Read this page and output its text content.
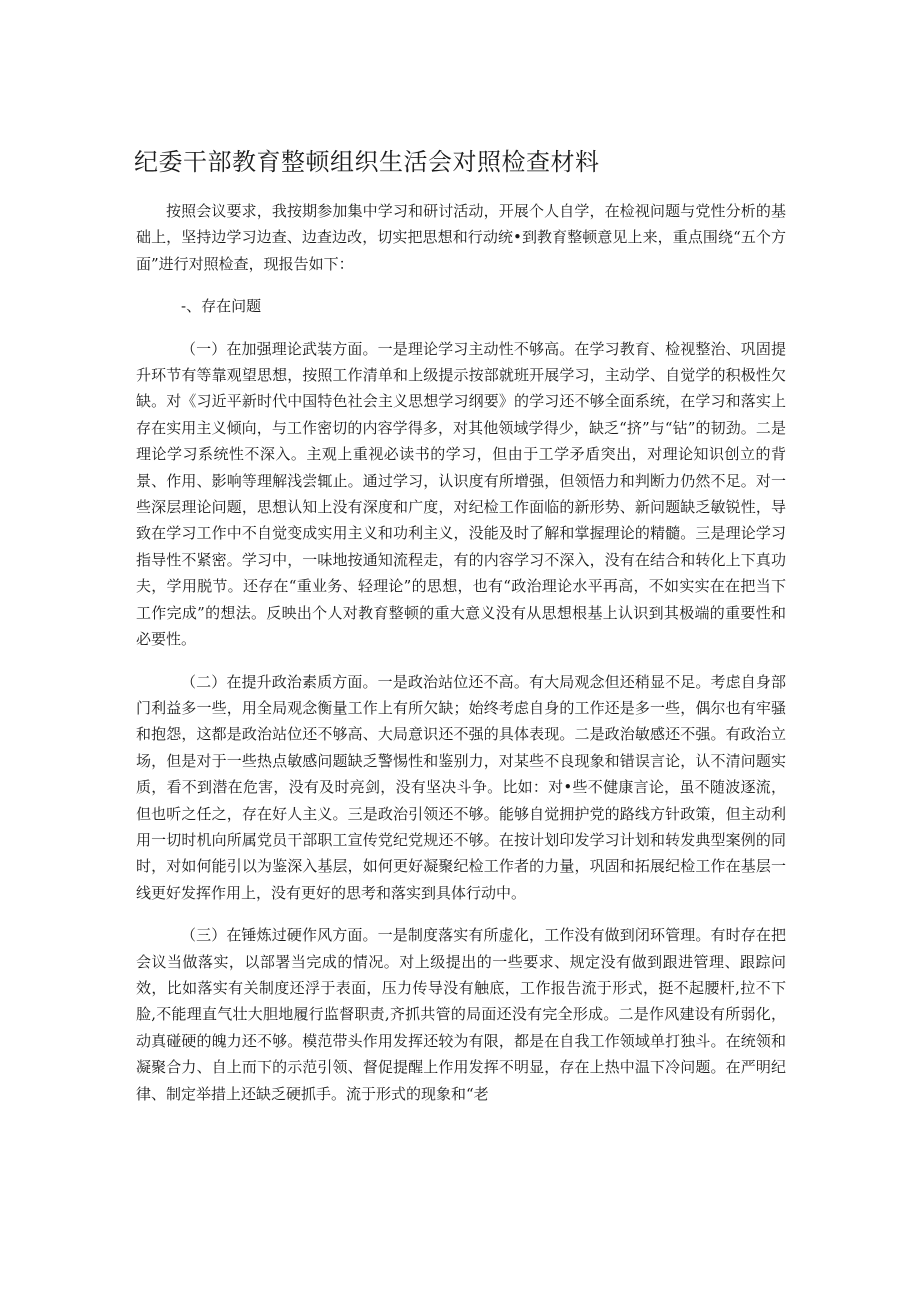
纪委干部教育整顿组织生活会对照检查材料

按照会议要求，我按期参加集中学习和研讨活动，开展个人自学，在检视问题与党性分析的基础上，坚持边学习边查、边查边改，切实把思想和行动统•到教育整顿意见上来，重点围绕“五个方面”进行对照检查，现报告如下：

-、存在问题

（一）在加强理论武装方面。一是理论学习主动性不够高。在学习教育、检视整治、巩固提升环节有等靠观望思想，按照工作清单和上级提示按部就班开展学习，主动学、自觉学的积极性欠缺。对《习近平新时代中国特色社会主义思想学习纲要》的学习还不够全面系统，在学习和落实上存在实用主义倾向，与工作密切的内容学得多，对其他领域学得少，缺乏“挤”与“钻”的韧劲。二是理论学习系统性不深入。主观上重视必读书的学习，但由于工学矛盾突出，对理论知识创立的背景、作用、影响等理解浅尝辄止。通过学习，认识度有所增强，但领悟力和判断力仍然不足。对一些深层理论问题，思想认知上没有深度和广度，对纪检工作面临的新形势、新问题缺乏敏锐性，导致在学习工作中不自觉变成实用主义和功利主义，没能及时了解和掌握理论的精髓。三是理论学习指导性不紧密。学习中，一味地按通知流程走，有的内容学习不深入，没有在结合和转化上下真功夫，学用脱节。还存在“重业务、轻理论”的思想，也有“政治理论水平再高，不如实实在在把当下工作完成”的想法。反映出个人对教育整顿的重大意义没有从思想根基上认识到其极端的重要性和必要性。

（二）在提升政治素质方面。一是政治站位还不高。有大局观念但还稍显不足。考虑自身部门利益多一些，用全局观念衡量工作上有所欠缺；始终考虑自身的工作还是多一些，偶尔也有牢骚和抱怨，这都是政治站位还不够高、大局意识还不强的具体表现。二是政治敏感还不强。有政治立场，但是对于一些热点敏感问题缺乏警惕性和鉴别力，对某些不良现象和错误言论，认不清问题实质，看不到潜在危害，没有及时亮剑，没有坚决斗争。比如：对•些不健康言论，虽不随波逐流，但也听之任之，存在好人主义。三是政治引领还不够。能够自觉拥护党的路线方针政策，但主动利用一切时机向所属党员干部职工宣传党纪党规还不够。在按计划印发学习计划和转发典型案例的同时，对如何能引以为鉴深入基层，如何更好凝聚纪检工作者的力量，巩固和拓展纪检工作在基层一线更好发挥作用上，没有更好的思考和落实到具体行动中。

（三）在锤炼过硬作风方面。一是制度落实有所虚化，工作没有做到闭环管理。有时存在把会议当做落实，以部署当完成的情况。对上级提出的一些要求、规定没有做到跟进管理、跟踪问效，比如落实有关制度还浮于表面，压力传导没有触底，工作报告流于形式，挺不起腰杆,拉不下脸,不能理直气壮大胆地履行监督职责,齐抓共管的局面还没有完全形成。二是作风建设有所弱化，动真碰硬的魄力还不够。模范带头作用发挥还较为有限，都是在自我工作领域单打独斗。在统领和凝聚合力、自上而下的示范引领、督促提醒上作用发挥不明显，存在上热中温下冷问题。在严明纪律、制定举措上还缺乏硬抓手。流于形式的现象和“老
